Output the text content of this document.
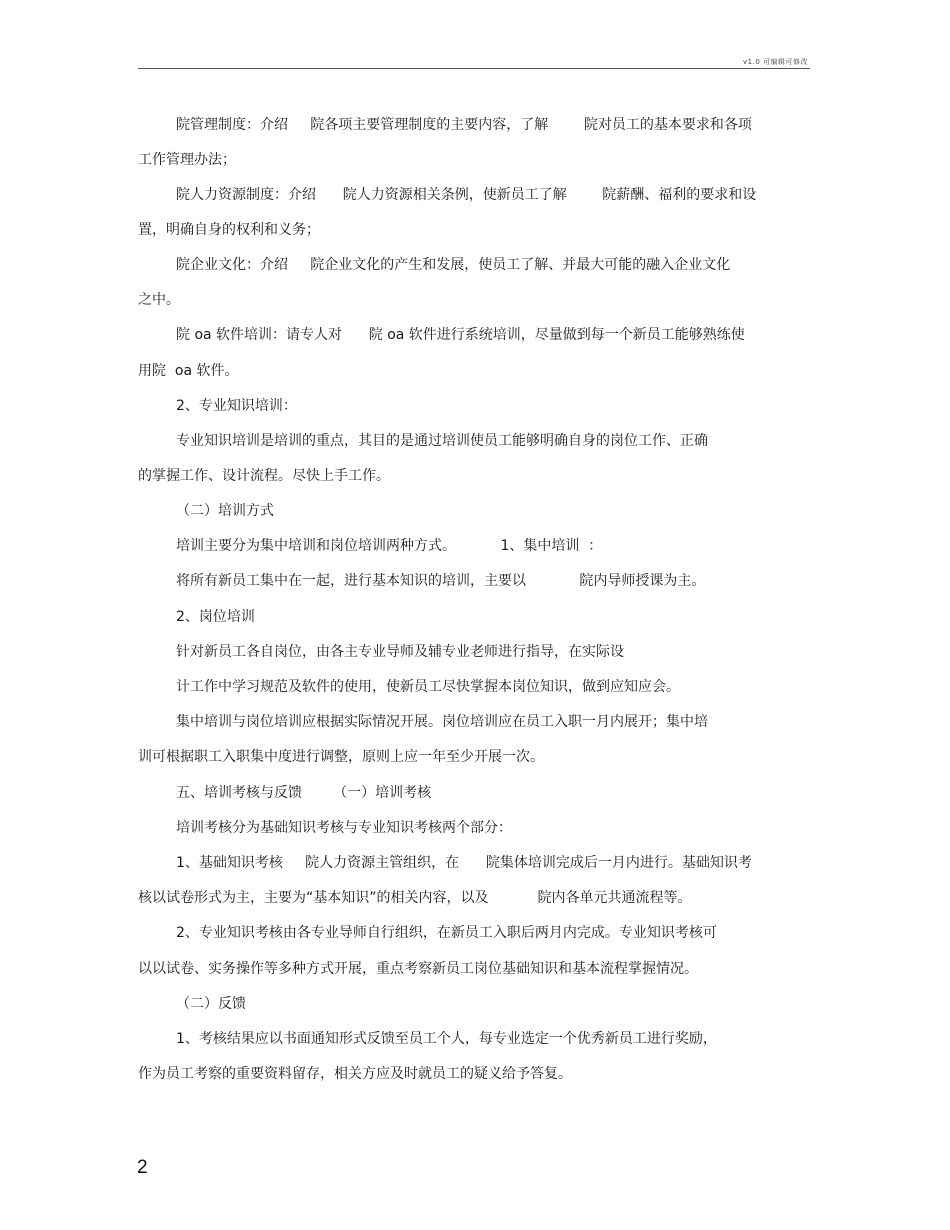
v1.0 可编辑可修改
院管理制度：介绍     院各项主要管理制度的主要内容，了解        院对员工的基本要求和各项
工作管理办法；
院人力资源制度：介绍      院人力资源相关条例，使新员工了解        院薪酬、福利的要求和设
置，明确自身的权利和义务；
院企业文化：介绍     院企业文化的产生和发展，使员工了解、并最大可能的融入企业文化
之中。
院 oa 软件培训：请专人对      院 oa 软件进行系统培训，尽量做到每一个新员工能够熟练使
用院  oa 软件。
2、专业知识培训：
专业知识培训是培训的重点，其目的是通过培训使员工能够明确自身的岗位工作、正确
的掌握工作、设计流程。尽快上手工作。
（二）培训方式
培训主要分为集中培训和岗位培训两种方式。          1、集中培训  ：
将所有新员工集中在一起，进行基本知识的培训，主要以            院内导师授课为主。
2、岗位培训
针对新员工各自岗位，由各主专业导师及辅专业老师进行指导，在实际设
计工作中学习规范及软件的使用，使新员工尽快掌握本岗位知识，做到应知应会。
集中培训与岗位培训应根据实际情况开展。岗位培训应在员工入职一月内展开；集中培
训可根据职工入职集中度进行调整，原则上应一年至少开展一次。
五、培训考核与反馈       （一）培训考核
培训考核分为基础知识考核与专业知识考核两个部分：
1、基础知识考核     院人力资源主管组织，在      院集体培训完成后一月内进行。基础知识考
核以试卷形式为主，主要为“基本知识”的相关内容，以及           院内各单元共通流程等。
2、专业知识考核由各专业导师自行组织，在新员工入职后两月内完成。专业知识考核可
以以试卷、实务操作等多种方式开展，重点考察新员工岗位基础知识和基本流程掌握情况。
（二）反馈
1、考核结果应以书面通知形式反馈至员工个人，每专业选定一个优秀新员工进行奖励，
作为员工考察的重要资料留存，相关方应及时就员工的疑义给予答复。
2
